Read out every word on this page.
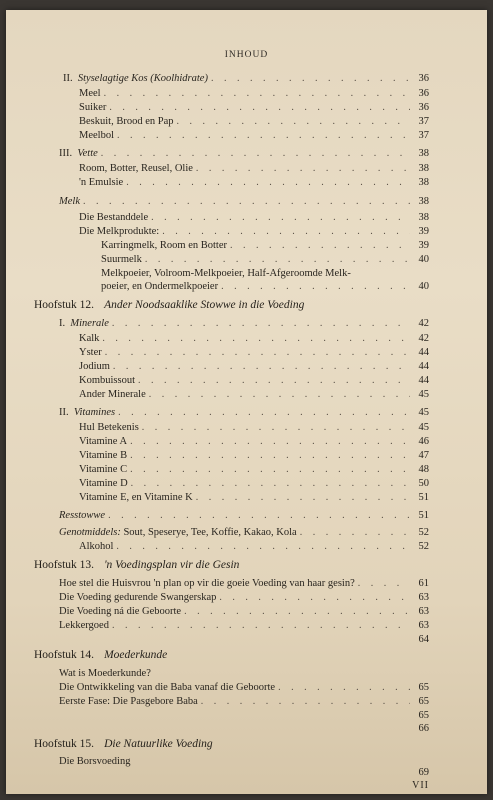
INHOUD
II. Styselagtige Kos (Koolhidrate) . . .	36
Meel . . .	36
Suiker . . .	36
Beskuit, Brood en Pap . . .	37
Meelbol . . .	37
III. Vette . . .	38
Room, Botter, Reusel, Olie . . .	38
'n Emulsie . . .	38
Melk . . .	38
Die Bestanddele . . .	38
Die Melkprodukte: . . .	39
Karringmelk, Room en Botter . . .	39
Suurmelk . . .	40
Melkpoeier, Volroom-Melkpoeier, Half-Afgeroomde Melk-
poeier, en Ondermelkpoeier . . .	40
Hoofstuk 12. Ander Noodsaaklike Stowwe in die Voeding
I. Minerale . . .	42
Kalk . . .	42
Yster . . .	44
Jodium . . .	44
Kombuissout . . .	44
Ander Minerale . . .	45
II. Vitamines . . .	45
Hul Betekenis . . .	45
Vitamine A . . .	46
Vitamine B . . .	47
Vitamine C . . .	48
Vitamine D . . .	50
Vitamine E, en Vitamine K . . .	51
Resstowwe . . .	51
Genotmiddels: Sout, Speserye, Tee, Koffie, Kakao, Kola . . .	52
Alkohol . . .	52
Hoofstuk 13. 'n Voedingsplan vir die Gesin
Hoe stel die Huisvrou 'n plan op vir die goeie Voeding van haar gesin? . . .	61
Die Voeding gedurende Swangerskap . . .	63
Die Voeding ná die Geboorte . . .	63
Lekkergoed . . .	63
64
Hoofstuk 14. Moederkunde
Wat is Moederkunde?
Die Ontwikkeling van die Baba vanaf die Geboorte . . .	65
Eerste Fase: Die Pasgebore Baba . . .	65
65
66
Hoofstuk 15. Die Natuurlike Voeding
Die Borsvoeding
69
VII
